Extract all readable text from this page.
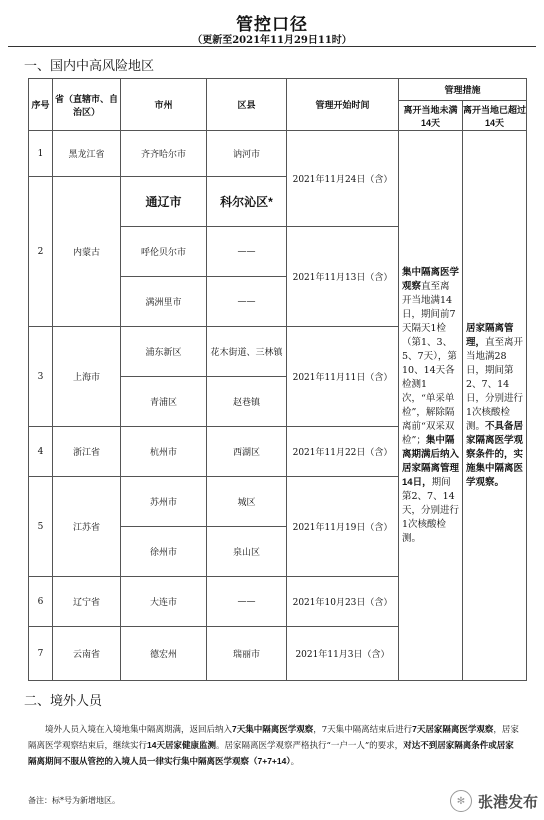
管控口径
（更新至2021年11月29日11时）
一、国内中高风险地区
序号	省（直辖市、自治区）	市州	区县	管理开始时间	管理措施	
					离开当地未满14天	离开当地已超过14天
1	黑龙江省	齐齐哈尔市	讷河市	2021年11月24日（含）	集中隔离医学观察直至离开当地满14日，期间前7天隔天1检（第1、3、5、7天），第10、14天各检测1次，“单采单检”，解除隔离前“双采双检”；集中隔离期满后纳入居家隔离管理14日，期间第2、7、14天，分别进行1次核酸检测。	居家隔离管理，直至离开当地满28日，期间第2、7、14日，分别进行1次核酸检测。不具备居家隔离医学观察条件的，实施集中隔离医学观察。
2	内蒙古	通辽市	科尔沁区*			
		呼伦贝尔市	——	2021年11月13日（含）		
		满洲里市	——			
3	上海市	浦东新区	花木街道、三林镇	2021年11月11日（含）		
		青浦区	赵巷镇			
4	浙江省	杭州市	西湖区	2021年11月22日（含）		
5	江苏省	苏州市	城区	2021年11月19日（含）		
		徐州市	泉山区			
6	辽宁省	大连市	——	2021年10月23日（含）		
7	云南省	德宏州	瑞丽市	2021年11月3日（含）		
二、境外人员
境外人员入境在入境地集中隔离期满，返回后纳入7天集中隔离医学观察，7天集中隔离结束后进行7天居家隔离医学观察，居家隔离医学观察结束后，继续实行14天居家健康监测。居家隔离医学观察严格执行“一户一人”的要求，对达不到居家隔离条件或居家隔离期间不服从管控的入境人员一律实行集中隔离医学观察（7+7+14）。
备注：标*号为新增地区。	✻ 张港发布
